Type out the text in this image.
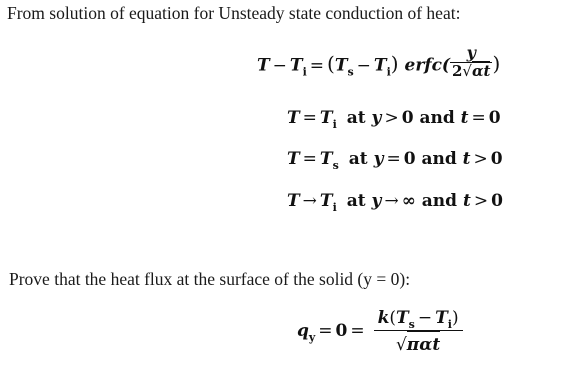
From solution of equation for Unsteady state conduction of heat:
$T - T_i = (T_s - T_i)$ erfc( $\frac{y}{2√\alpha t}$ )
$T = T_i$ at y > 0 and t = 0
$T = T_s$ at y = 0 and t > 0
$T \to T_i$ at y → ∞ and t > 0
Prove that the heat flux at the surface of the solid (y = 0):
$q_y = 0 = \frac{k(T_s - T_i)}{\text{√παt}}$
